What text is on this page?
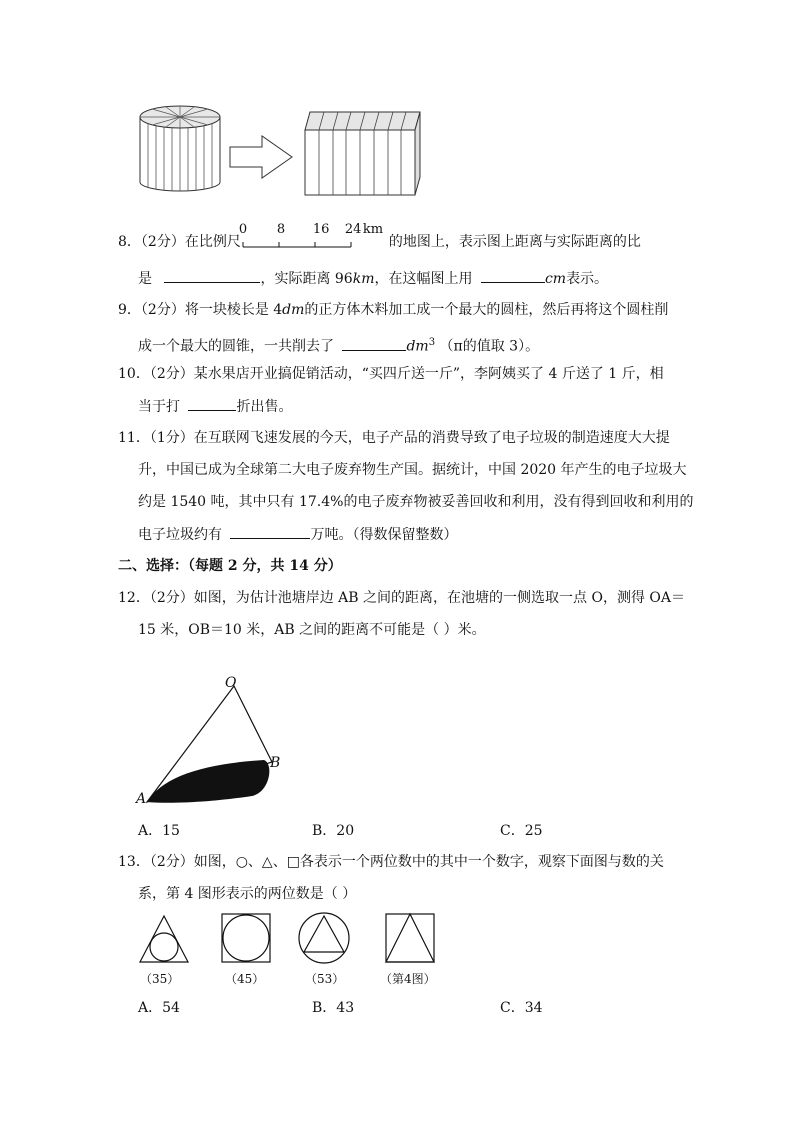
8．（2分）在比例尺
0 8 16 24 km
的地图上，表示图上距离与实际距离的比
是	，实际距离 96km，在这幅图上用	cm表示。
9．（2分）将一块棱长是 4dm的正方体木料加工成一个最大的圆柱，然后再将这个圆柱削
成一个最大的圆锥，一共削去了	$dm^3$ （π的值取 3）。
10．（2分）某水果店开业搞促销活动，“买四斤送一斤”，李阿姨买了 4 斤送了 1 斤，相
当于打	折出售。
11．（1分）在互联网飞速发展的今天，电子产品的消费导致了电子垃圾的制造速度大大提
升，中国已成为全球第二大电子废弃物生产国。据统计，中国 2020 年产生的电子垃圾大
约是 1540 吨，其中只有 17.4%的电子废弃物被妥善回收和利用，没有得到回收和利用的
电子垃圾约有	万吨。（得数保留整数）
二、选择：（每题 2 分，共 14 分）
12．（2分）如图，为估计池塘岸边 AB 之间的距离，在池塘的一侧选取一点 O，测得 OA＝
15 米，OB＝10 米，AB 之间的距离不可能是（ ）米。
O
A
B
A．15	B．20	C．25
13．（2分）如图，○、△、□各表示一个两位数中的其中一个数字，观察下面图与数的关
系，第 4 图形表示的两位数是（ ）
（35）	（45）	（53）	（第4图）
A．54	B．43	C．34
